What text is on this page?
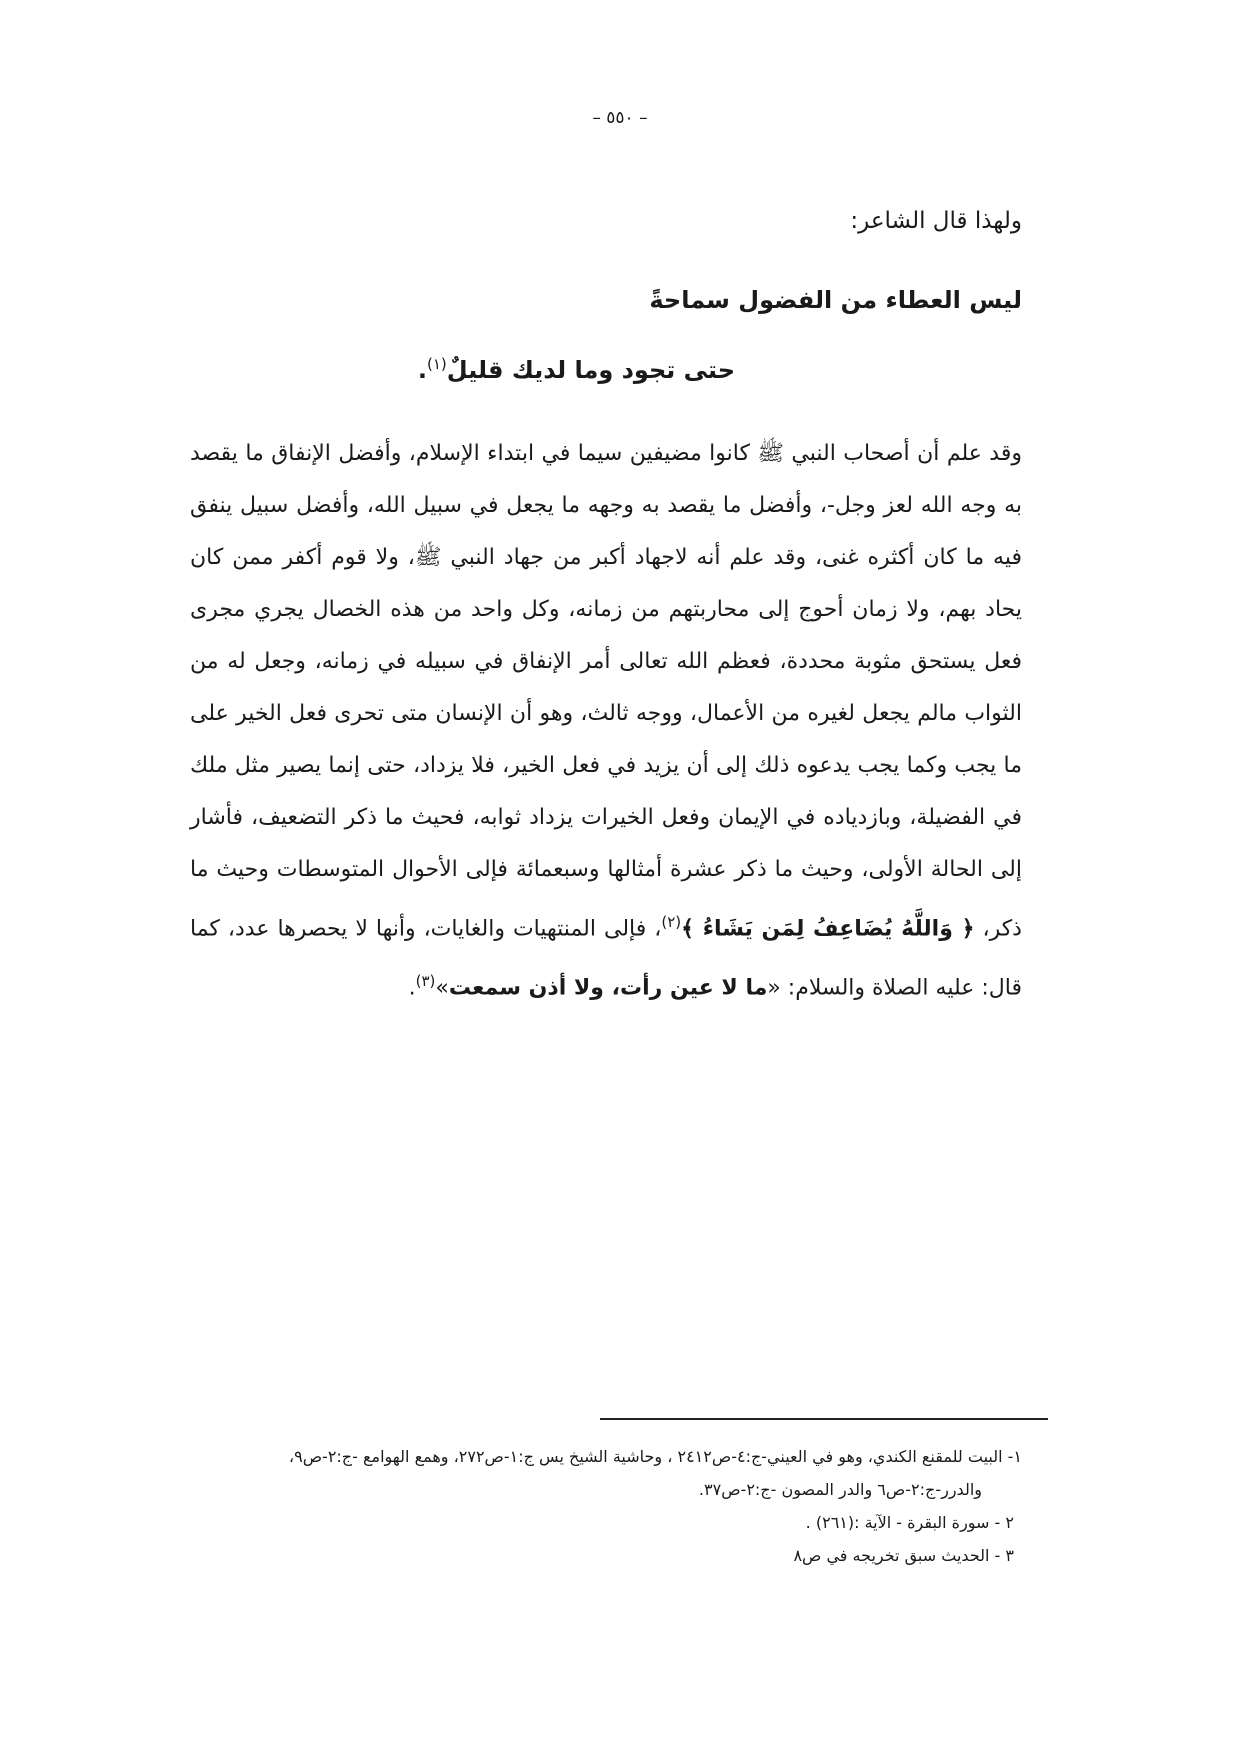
– ٥٥٠ –
ولهذا قال الشاعر:
ليس العطاء من الفضول سماحةً
حتى تجود وما لديك قليلٌ$^{(١)}$.
وقد علم أن أصحاب النبي ﷺ كانوا مضيفين سيما في ابتداء الإسلام، وأفضل الإنفاق ما يقصد به وجه الله لعز وجل-، وأفضل ما يقصد به وجهه ما يجعل في سبيل الله، وأفضل سبيل ينفق فيه ما كان أكثره غنى، وقد علم أنه لاجهاد أكبر من جهاد النبي ﷺ، ولا قوم أكفر ممن كان يحاد بهم، ولا زمان أحوج إلى محاربتهم من زمانه، وكل واحد من هذه الخصال يجري مجرى فعل يستحق مثوبة محددة، فعظم الله تعالى أمر الإنفاق في سبيله في زمانه، وجعل له من الثواب مالم يجعل لغيره من الأعمال، ووجه ثالث، وهو أن الإنسان متى تحرى فعل الخير على ما يجب وكما يجب يدعوه ذلك إلى أن يزيد في فعل الخير، فلا يزداد، حتى إنما يصير مثل ملك في الفضيلة، وبازدياده في الإيمان وفعل الخيرات يزداد ثوابه، فحيث ما ذكر التضعيف، فأشار إلى الحالة الأولى، وحيث ما ذكر عشرة أمثالها وسبعمائة فإلى الأحوال المتوسطات وحيث ما ذكر، ﴿ وَاللَّهُ يُضَاعِفُ لِمَن يَشَاءُ ﴾$^{(٢)}$، فإلى المنتهيات والغايات، وأنها لا يحصرها عدد، كما قال: عليه الصلاة والسلام: «ما لا عين رأت، ولا أذن سمعت»$^{(٣)}$.
١- البيت للمقنع الكندي، وهو في العيني-ج:٤-ص٢٤١٢ ، وحاشية الشيخ يس ج:١-ص٢٧٢، وهمع الهوامع -ج:٢-ص٩،
والدرر-ج:٢-ص٦ والدر المصون -ج:٢-ص٣٧.
٢ - سورة البقرة - الآية :(٢٦١) .
٣ - الحديث سبق تخريجه في ص٨
